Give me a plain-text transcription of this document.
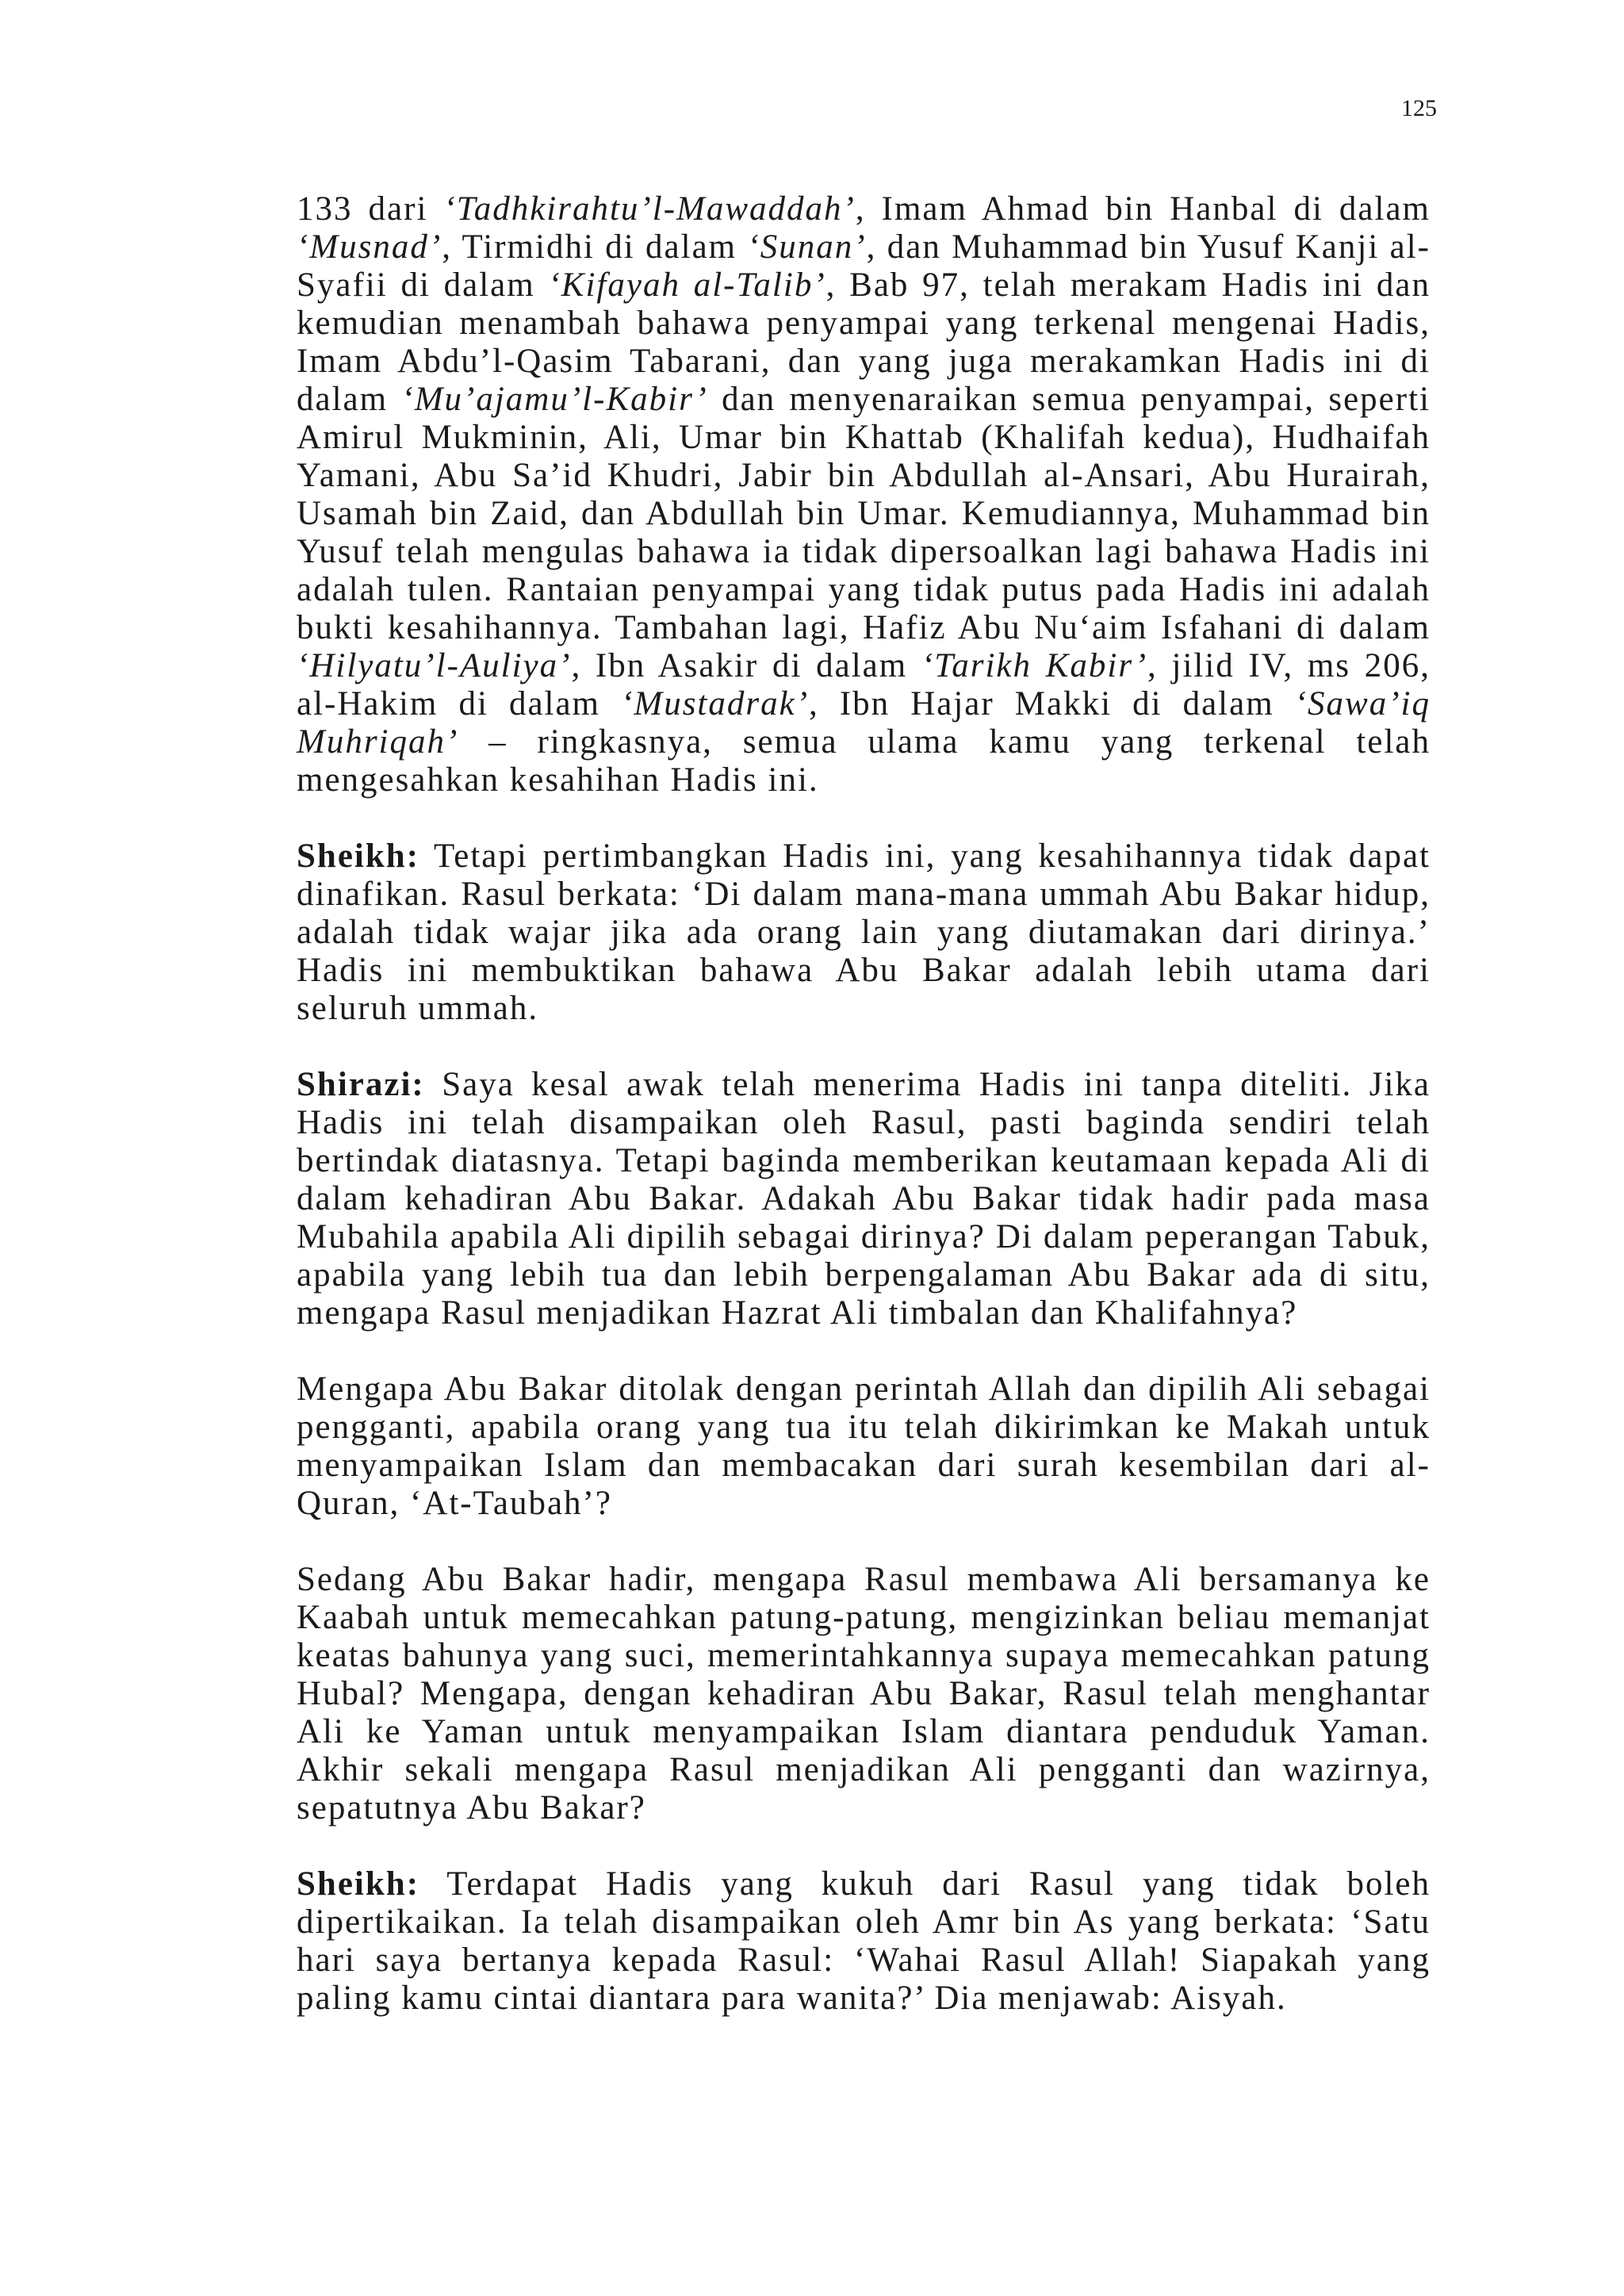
125

133 dari ‘Tadhkirahtu’l-Mawaddah’, Imam Ahmad bin Hanbal di dalam ‘Musnad’, Tirmidhi di dalam ‘Sunan’, dan Muhammad bin Yusuf Kanji al-Syafii di dalam ‘Kifayah al-Talib’, Bab 97, telah merakam Hadis ini dan kemudian menambah bahawa penyampai yang terkenal mengenai Hadis, Imam Abdu’l-Qasim Tabarani, dan yang juga merakamkan Hadis ini di dalam ‘Mu’ajamu’l-Kabir’ dan menyenaraikan semua penyampai, seperti Amirul Mukminin, Ali, Umar bin Khattab (Khalifah kedua), Hudhaifah Yamani, Abu Sa’id Khudri, Jabir bin Abdullah al-Ansari, Abu Hurairah, Usamah bin Zaid, dan Abdullah bin Umar. Kemudiannya, Muhammad bin Yusuf telah mengulas bahawa ia tidak dipersoalkan lagi bahawa Hadis ini adalah tulen. Rantaian penyampai yang tidak putus pada Hadis ini adalah bukti kesahihannya. Tambahan lagi, Hafiz Abu Nu‘aim Isfahani di dalam ‘Hilyatu’l-Auliya’, Ibn Asakir di dalam ‘Tarikh Kabir’, jilid IV, ms 206, al-Hakim di dalam ‘Mustadrak’, Ibn Hajar Makki di dalam ‘Sawa’iq Muhriqah’ – ringkasnya, semua ulama kamu yang terkenal telah mengesahkan kesahihan Hadis ini.

Sheikh: Tetapi pertimbangkan Hadis ini, yang kesahihannya tidak dapat dinafikan. Rasul berkata: ‘Di dalam mana-mana ummah Abu Bakar hidup, adalah tidak wajar jika ada orang lain yang diutamakan dari dirinya.’ Hadis ini membuktikan bahawa Abu Bakar adalah lebih utama dari seluruh ummah.

Shirazi: Saya kesal awak telah menerima Hadis ini tanpa diteliti. Jika Hadis ini telah disampaikan oleh Rasul, pasti baginda sendiri telah bertindak diatasnya. Tetapi baginda memberikan keutamaan kepada Ali di dalam kehadiran Abu Bakar. Adakah Abu Bakar tidak hadir pada masa Mubahila apabila Ali dipilih sebagai dirinya? Di dalam peperangan Tabuk, apabila yang lebih tua dan lebih berpengalaman Abu Bakar ada di situ, mengapa Rasul menjadikan Hazrat Ali timbalan dan Khalifahnya?

Mengapa Abu Bakar ditolak dengan perintah Allah dan dipilih Ali sebagai pengganti, apabila orang yang tua itu telah dikirimkan ke Makah untuk menyampaikan Islam dan membacakan dari surah kesembilan dari al-Quran, ‘At-Taubah’?

Sedang Abu Bakar hadir, mengapa Rasul membawa Ali bersamanya ke Kaabah untuk memecahkan patung-patung, mengizinkan beliau memanjat keatas bahunya yang suci, memerintahkannya supaya memecahkan patung Hubal? Mengapa, dengan kehadiran Abu Bakar, Rasul telah menghantar Ali ke Yaman untuk menyampaikan Islam diantara penduduk Yaman. Akhir sekali mengapa Rasul menjadikan Ali pengganti dan wazirnya, sepatutnya Abu Bakar?

Sheikh: Terdapat Hadis yang kukuh dari Rasul yang tidak boleh dipertikaikan. Ia telah disampaikan oleh Amr bin As yang berkata: ‘Satu hari saya bertanya kepada Rasul: ‘Wahai Rasul Allah! Siapakah yang paling kamu cintai diantara para wanita?’ Dia menjawab: Aisyah.
